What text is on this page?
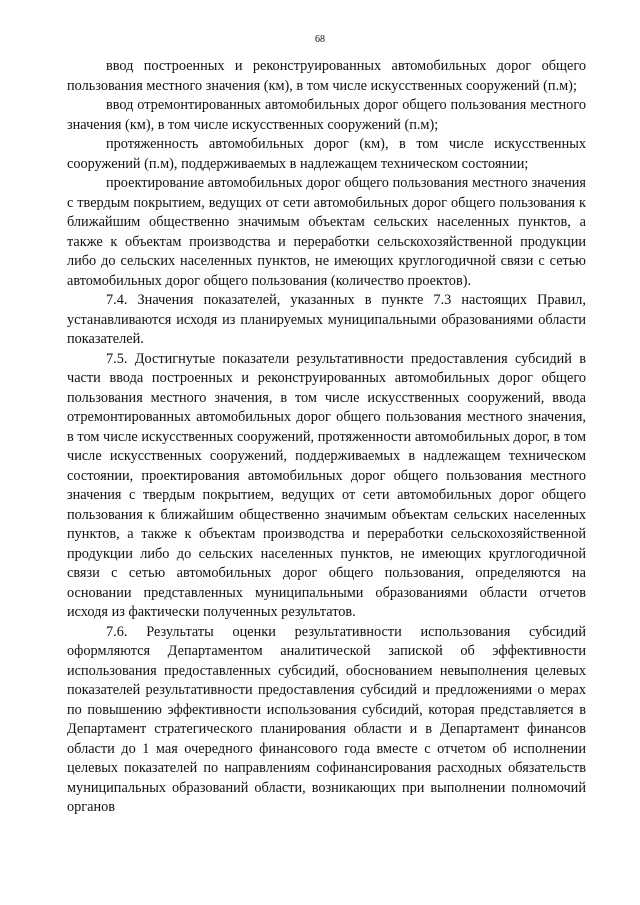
68

ввод построенных и реконструированных автомобильных дорог общего пользования местного значения (км), в том числе искусственных сооружений (п.м);

ввод отремонтированных автомобильных дорог общего пользования местного значения (км), в том числе искусственных сооружений (п.м);

протяженность автомобильных дорог (км), в том числе искусственных сооружений (п.м), поддерживаемых в надлежащем техническом состоянии;

проектирование автомобильных дорог общего пользования местного значения с твердым покрытием, ведущих от сети автомобильных дорог общего пользования к ближайшим общественно значимым объектам сельских населенных пунктов, а также к объектам производства и переработки сельскохозяйственной продукции либо до сельских населенных пунктов, не имеющих круглогодичной связи с сетью автомобильных дорог общего пользования (количество проектов).

7.4. Значения показателей, указанных в пункте 7.3 настоящих Правил, устанавливаются исходя из планируемых муниципальными образованиями области показателей.

7.5. Достигнутые показатели результативности предоставления субсидий в части ввода построенных и реконструированных автомобильных дорог общего пользования местного значения, в том числе искусственных сооружений, ввода отремонтированных автомобильных дорог общего пользования местного значения, в том числе искусственных сооружений, протяженности автомобильных дорог, в том числе искусственных сооружений, поддерживаемых в надлежащем техническом состоянии, проектирования автомобильных дорог общего пользования местного значения с твердым покрытием, ведущих от сети автомобильных дорог общего пользования к ближайшим общественно значимым объектам сельских населенных пунктов, а также к объектам производства и переработки сельскохозяйственной продукции либо до сельских населенных пунктов, не имеющих круглогодичной связи с сетью автомобильных дорог общего пользования, определяются на основании представленных муниципальными образованиями области отчетов исходя из фактически полученных результатов.

7.6. Результаты оценки результативности использования субсидий оформляются Департаментом аналитической запиской об эффективности использования предоставленных субсидий, обоснованием невыполнения целевых показателей результативности предоставления субсидий и предложениями о мерах по повышению эффективности использования субсидий, которая представляется в Департамент стратегического планирования области и в Департамент финансов области до 1 мая очередного финансового года вместе с отчетом об исполнении целевых показателей по направлениям софинансирования расходных обязательств муниципальных образований области, возникающих при выполнении полномочий органов
